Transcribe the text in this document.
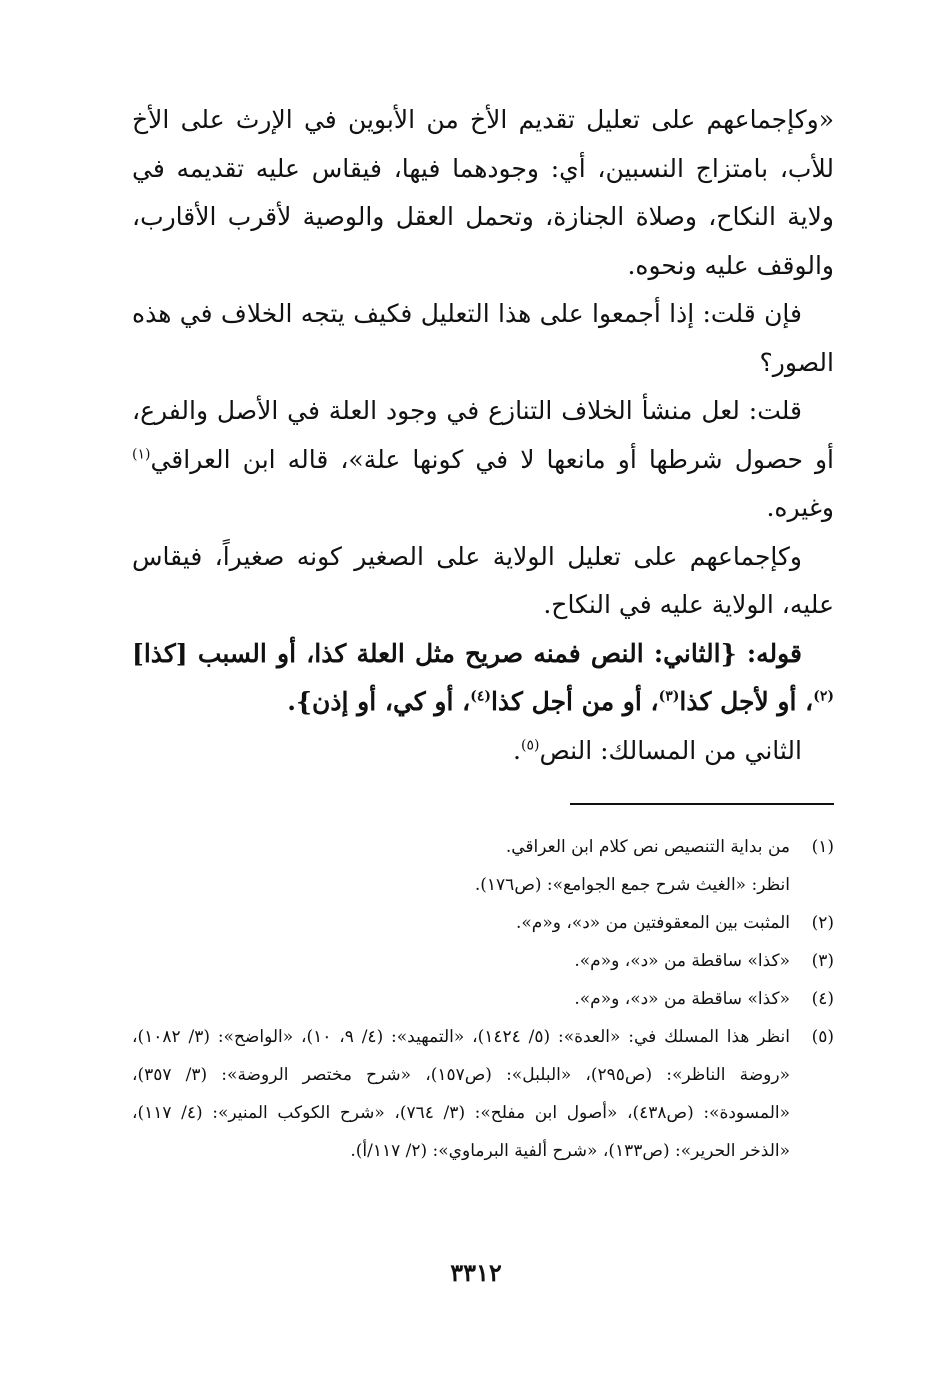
«وكإجماعهم على تعليل تقديم الأخ من الأبوين في الإرث على الأخ للأب، بامتزاج النسبين، أي: وجودهما فيها، فيقاس عليه تقديمه في ولاية النكاح، وصلاة الجنازة، وتحمل العقل والوصية لأقرب الأقارب، والوقف عليه ونحوه.

فإن قلت: إذا أجمعوا على هذا التعليل فكيف يتجه الخلاف في هذه الصور؟

قلت: لعل منشأ الخلاف التنازع في وجود العلة في الأصل والفرع، أو حصول شرطها أو مانعها لا في كونها علة»، قاله ابن العراقي$^{(١)}$ وغيره.

وكإجماعهم على تعليل الولاية على الصغير كونه صغيراً، فيقاس عليه، الولاية عليه في النكاح.

قوله: {الثاني: النص فمنه صريح مثل العلة كذا، أو السبب [كذا]$^{(٢)}$، أو لأجل كذا$^{(٣)}$، أو من أجل كذا$^{(٤)}$، أو كي، أو إذن}.

الثاني من المسالك: النص$^{(٥)}$.

(١)
من بداية التنصيص نص كلام ابن العراقي.
انظر: «الغيث شرح جمع الجوامع»: (ص١٧٦).
(٢)
المثبت بين المعقوفتين من «د»، و«م».
(٣)
«كذا» ساقطة من «د»، و«م».
(٤)
«كذا» ساقطة من «د»، و«م».
(٥)
انظر هذا المسلك في: «العدة»: (٥/ ١٤٢٤)، «التمهيد»: (٤/ ٩، ١٠)، «الواضح»: (٣/ ١٠٨٢)، «روضة الناظر»: (ص٢٩٥)، «البلبل»: (ص١٥٧)، «شرح مختصر الروضة»: (٣/ ٣٥٧)، «المسودة»: (ص٤٣٨)، «أصول ابن مفلح»: (٣/ ٧٦٤)، «شرح الكوكب المنير»: (٤/ ١١٧)، «الذخر الحرير»: (ص١٣٣)، «شرح ألفية البرماوي»: (٢/ ١١٧/أ).
٣٣١٢
